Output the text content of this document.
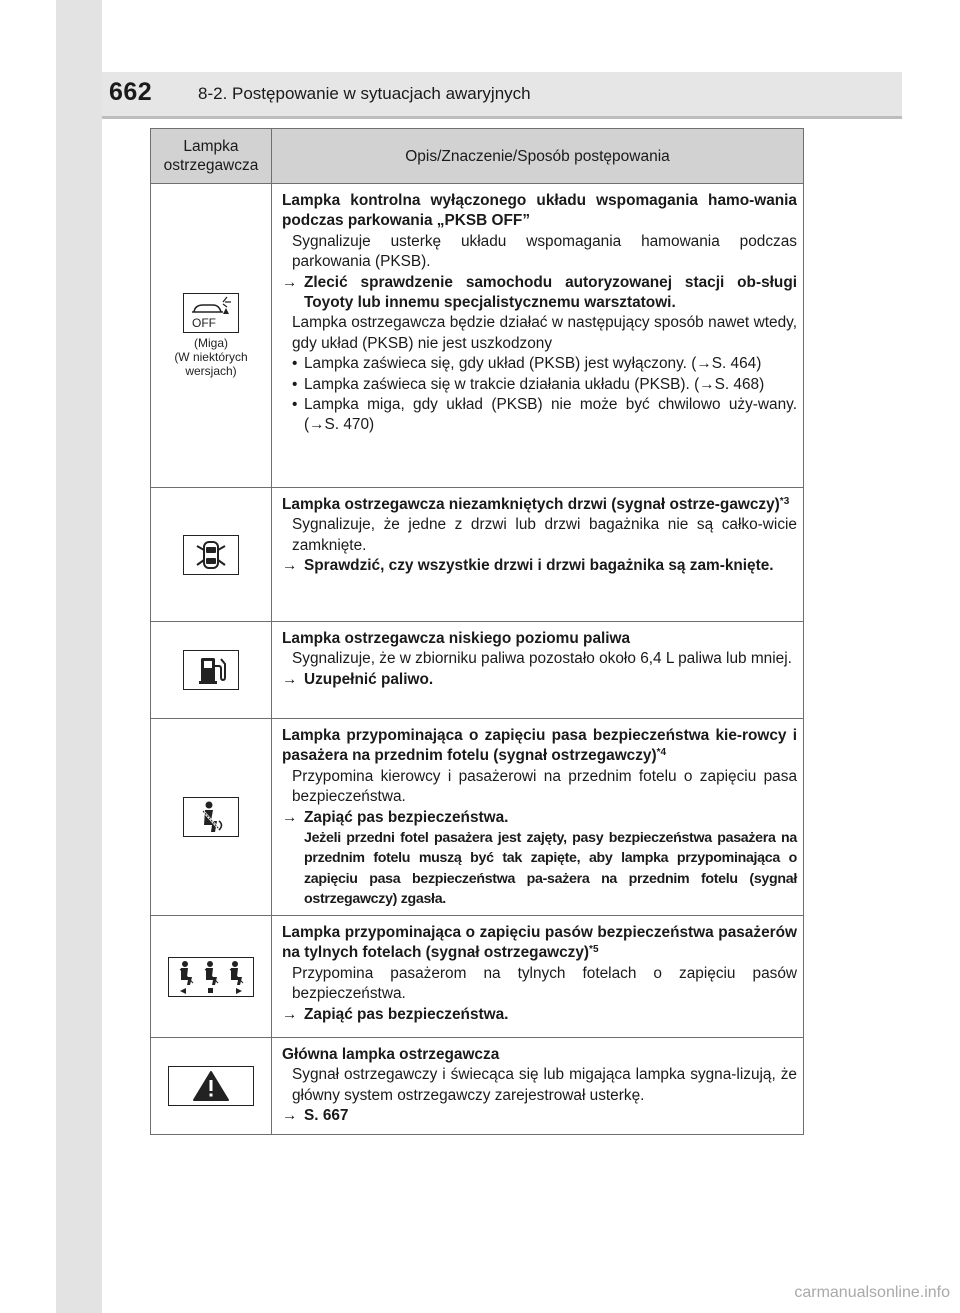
662	8-2. Postępowanie w sytuacjach awaryjnych
Lampka
ostrzegawcza
Opis/Znaczenie/Sposób postępowania
OFF
(Miga)
(W niektórych
wersjach)
Lampka kontrolna wyłączonego układu wspomagania hamo-wania podczas parkowania „PKSB OFF”
Sygnalizuje usterkę układu wspomagania hamowania podczas parkowania (PKSB).
→ Zlecić sprawdzenie samochodu autoryzowanej stacji ob-sługi Toyoty lub innemu specjalistycznemu warsztatowi.
Lampka ostrzegawcza będzie działać w następujący sposób nawet wtedy, gdy układ (PKSB) nie jest uszkodzony
• Lampka zaświeca się, gdy układ (PKSB) jest wyłączony. (→S. 464)
• Lampka zaświeca się w trakcie działania układu (PKSB). (→S. 468)
• Lampka miga, gdy układ (PKSB) nie może być chwilowo uży-wany. (→S. 470)
Lampka ostrzegawcza niezamkniętych drzwi (sygnał ostrze-gawczy)$^{*3}$
Sygnalizuje, że jedne z drzwi lub drzwi bagażnika nie są całko-wicie zamknięte.
→ Sprawdzić, czy wszystkie drzwi i drzwi bagażnika są zam-knięte.
Lampka ostrzegawcza niskiego poziomu paliwa
Sygnalizuje, że w zbiorniku paliwa pozostało około 6,4 L paliwa lub mniej.
→ Uzupełnić paliwo.
Lampka przypominająca o zapięciu pasa bezpieczeństwa kie-rowcy i pasażera na przednim fotelu (sygnał ostrzegawczy)$^{*4}$
Przypomina kierowcy i pasażerowi na przednim fotelu o zapięciu pasa bezpieczeństwa.
→ Zapiąć pas bezpieczeństwa.
Jeżeli przedni fotel pasażera jest zajęty, pasy bezpieczeństwa pasażera na przednim fotelu muszą być tak zapięte, aby lampka przypominająca o zapięciu pasa bezpieczeństwa pa-sażera na przednim fotelu (sygnał ostrzegawczy) zgasła.
Lampka przypominająca o zapięciu pasów bezpieczeństwa pasażerów na tylnych fotelach (sygnał ostrzegawczy)$^{*5}$
Przypomina pasażerom na tylnych fotelach o zapięciu pasów bezpieczeństwa.
→ Zapiąć pas bezpieczeństwa.
Główna lampka ostrzegawcza
Sygnał ostrzegawczy i świecąca się lub migająca lampka sygna-lizują, że główny system ostrzegawczy zarejestrował usterkę.
→ S. 667
carmanualsonline.info
